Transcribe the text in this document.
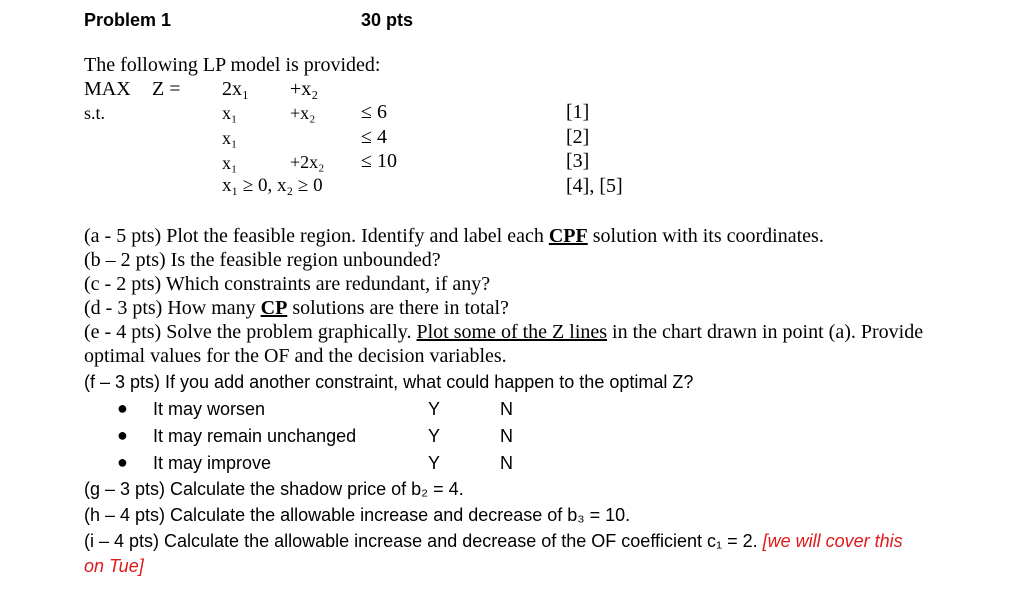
Problem 1	30 pts
The following LP model is provided:
MAX Z = 2x₁ +x₂
s.t.	x₁	+x₂ ≤ 6	[1]
x₁	≤ 4	[2]
x₁	+2x₂ ≤ 10	[3]
x₁ ≥ 0, x₂ ≥ 0	[4], [5]
(a - 5 pts) Plot the feasible region. Identify and label each CPF solution with its coordinates.
(b – 2 pts) Is the feasible region unbounded?
(c - 2 pts) Which constraints are redundant, if any?
(d - 3 pts) How many CP solutions are there in total?
(e - 4 pts) Solve the problem graphically. Plot some of the Z lines in the chart drawn in point (a). Provide
optimal values for the OF and the decision variables.
(f – 3 pts) If you add another constraint, what could happen to the optimal Z?
● It may worsen	Y	N
● It may remain unchanged	Y	N
● It may improve	Y	N
(g – 3 pts) Calculate the shadow price of b₂ = 4.
(h – 4 pts) Calculate the allowable increase and decrease of b₃ = 10.
(i – 4 pts) Calculate the allowable increase and decrease of the OF coefficient c₁ = 2. [we will cover this
on Tue]
